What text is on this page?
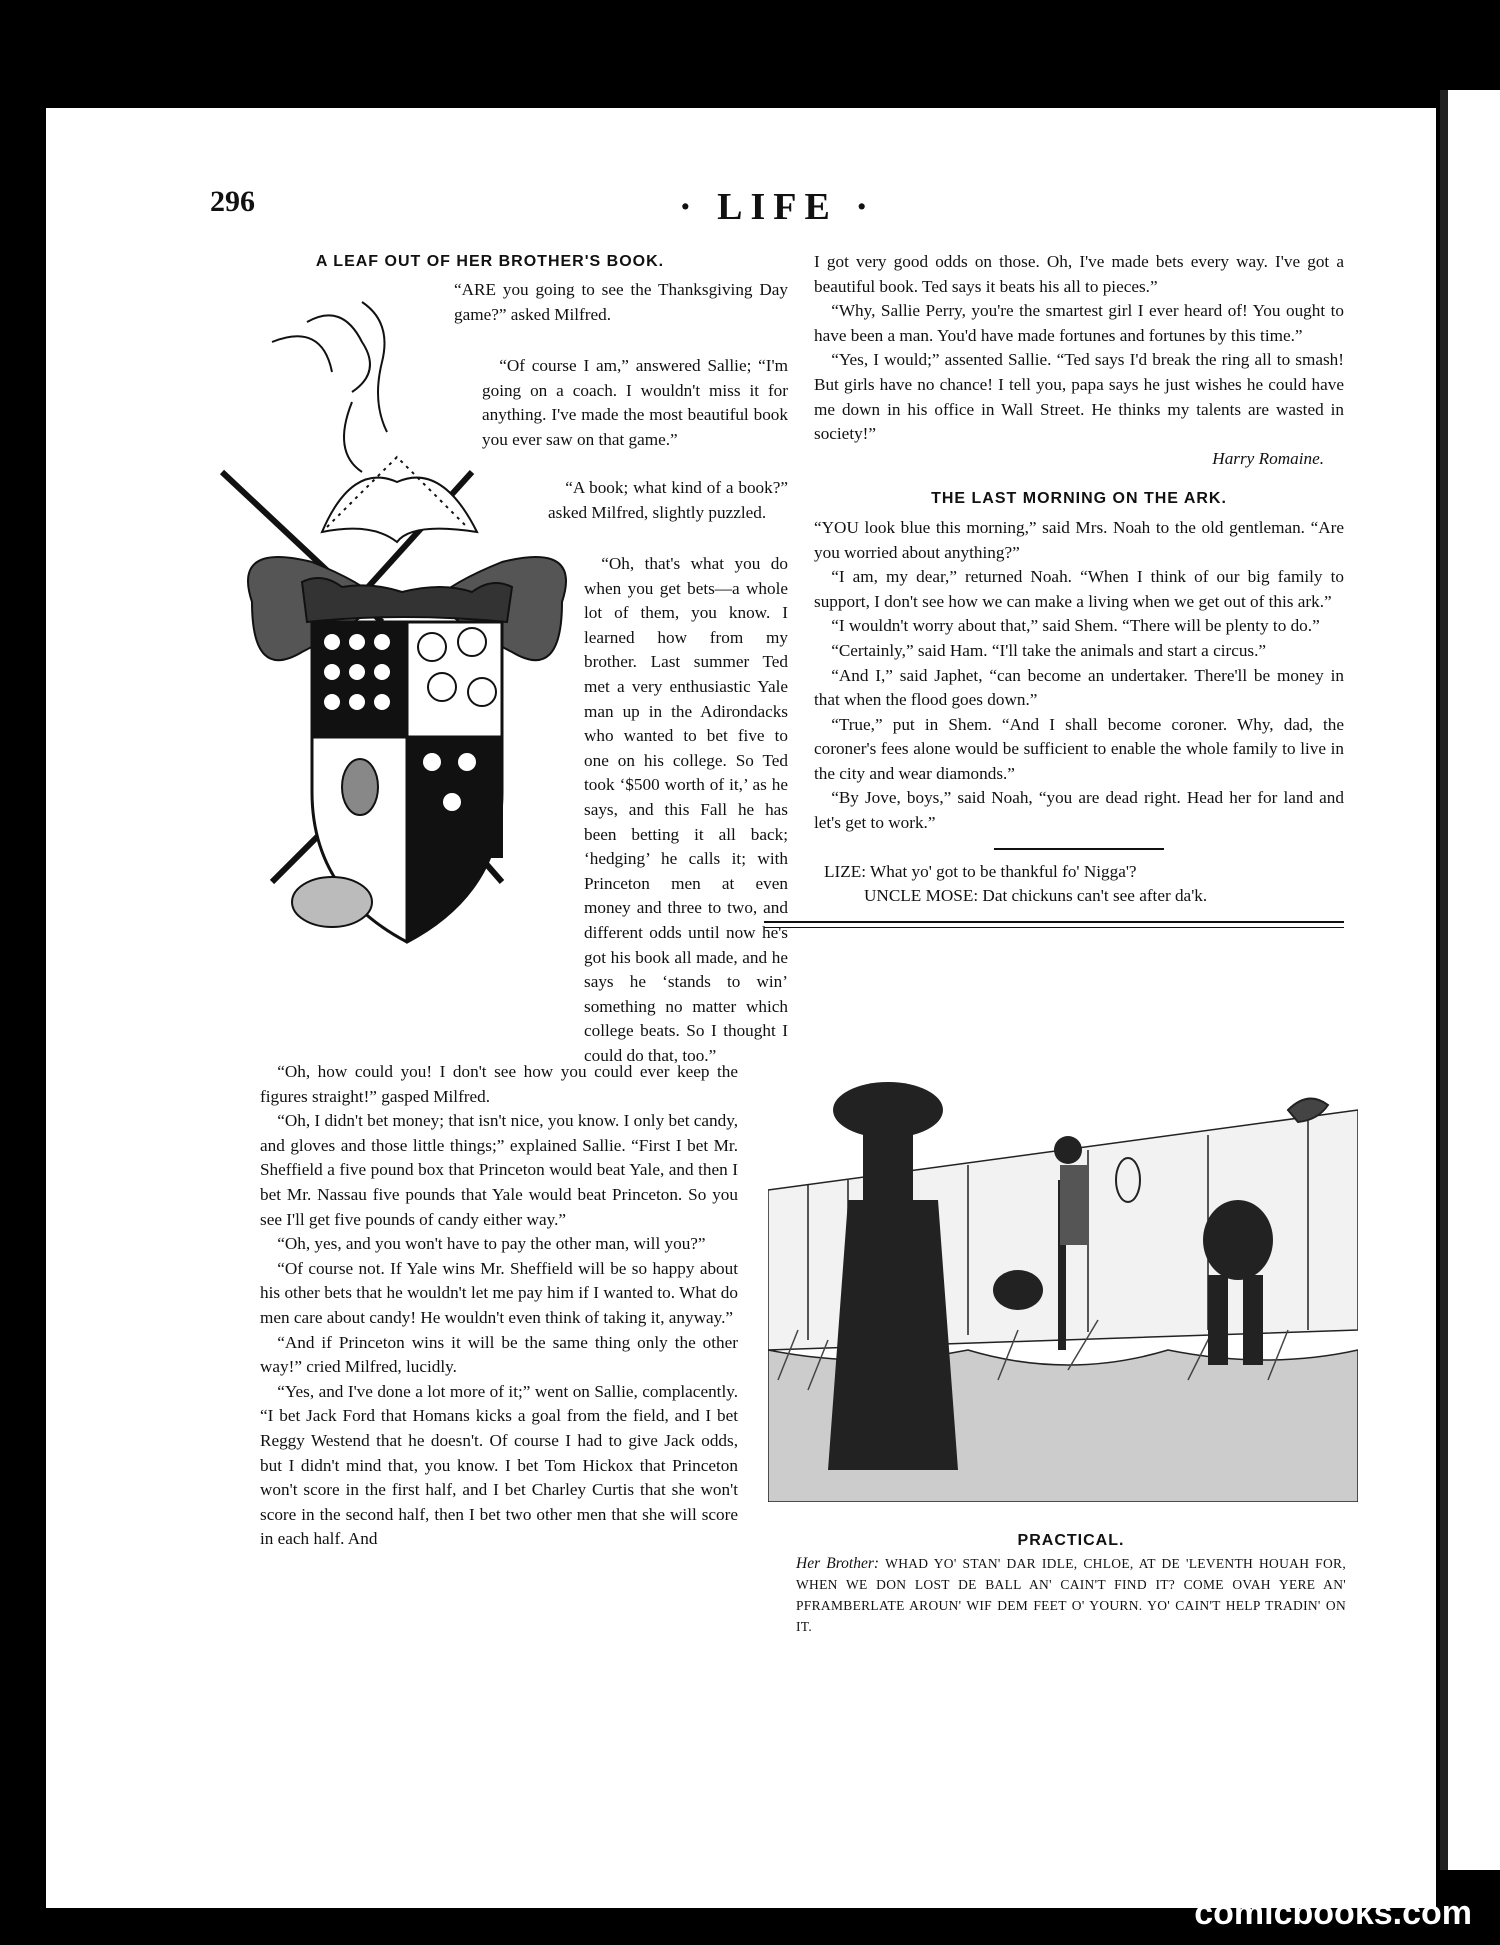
296	· LIFE ·
A LEAF OUT OF HER BROTHER'S BOOK.

“ARE you going to see the Thanksgiving Day game?” asked Milfred.

“Of course I am,” answered Sallie; “I'm going on a coach. I wouldn't miss it for anything. I've made the most beautiful book you ever saw on that game.”

“A book; what kind of a book?” asked Milfred, slightly puzzled.

“Oh, that's what you do when you get bets—a whole lot of them, you know. I learned how from my brother. Last summer Ted met a very enthusiastic Yale man up in the Adirondacks who wanted to bet five to one on his college. So Ted took ‘$500 worth of it,’ as he says, and this Fall he has been betting it all back; ‘hedging’ he calls it; with Princeton men at even money and three to two, and different odds until now he's got his book all made, and he says he ‘stands to win’ something no matter which college beats. So I thought I could do that, too.”

“Oh, how could you! I don't see how you could ever keep the figures straight!” gasped Milfred.

“Oh, I didn't bet money; that isn't nice, you know. I only bet candy, and gloves and those little things;” explained Sallie. “First I bet Mr. Sheffield a five pound box that Princeton would beat Yale, and then I bet Mr. Nassau five pounds that Yale would beat Princeton. So you see I'll get five pounds of candy either way.”

“Oh, yes, and you won't have to pay the other man, will you?”

“Of course not. If Yale wins Mr. Sheffield will be so happy about his other bets that he wouldn't let me pay him if I wanted to. What do men care about candy! He wouldn't even think of taking it, anyway.”

“And if Princeton wins it will be the same thing only the other way!” cried Milfred, lucidly.

“Yes, and I've done a lot more of it;” went on Sallie, complacently. “I bet Jack Ford that Homans kicks a goal from the field, and I bet Reggy Westend that he doesn't. Of course I had to give Jack odds, but I didn't mind that, you know. I bet Tom Hickox that Princeton won't score in the first half, and I bet Charley Curtis that she won't score in the second half, then I bet two other men that she will score in each half. And

I got very good odds on those. Oh, I've made bets every way. I've got a beautiful book. Ted says it beats his all to pieces.”

“Why, Sallie Perry, you're the smartest girl I ever heard of! You ought to have been a man. You'd have made fortunes and fortunes by this time.”

“Yes, I would;” assented Sallie. “Ted says I'd break the ring all to smash! But girls have no chance! I tell you, papa says he just wishes he could have me down in his office in Wall Street. He thinks my talents are wasted in society!”

Harry Romaine.
THE LAST MORNING ON THE ARK.

“YOU look blue this morning,” said Mrs. Noah to the old gentleman. “Are you worried about anything?”

“I am, my dear,” returned Noah. “When I think of our big family to support, I don't see how we can make a living when we get out of this ark.”

“I wouldn't worry about that,” said Shem. “There will be plenty to do.”

“Certainly,” said Ham. “I'll take the animals and start a circus.”

“And I,” said Japhet, “can become an undertaker. There'll be money in that when the flood goes down.”

“True,” put in Shem. “And I shall become coroner. Why, dad, the coroner's fees alone would be sufficient to enable the whole family to live in the city and wear diamonds.”

“By Jove, boys,” said Noah, “you are dead right. Head her for land and let's get to work.”

LIZE: What yo' got to be thankful fo' Nigga'?
UNCLE MOSE: Dat chickuns can't see after da'k.
PRACTICAL.
Her Brother: WHAD YO' STAN' DAR IDLE, CHLOE, AT DE 'LEVENTH HOUAH FOR, WHEN WE DON LOST DE BALL AN' CAIN'T FIND IT? COME OVAH YERE AN' PFRAMBERLATE AROUN' WIF DEM FEET O' YOURN. YO' CAIN'T HELP TRADIN' ON IT.
comicbooks.com
